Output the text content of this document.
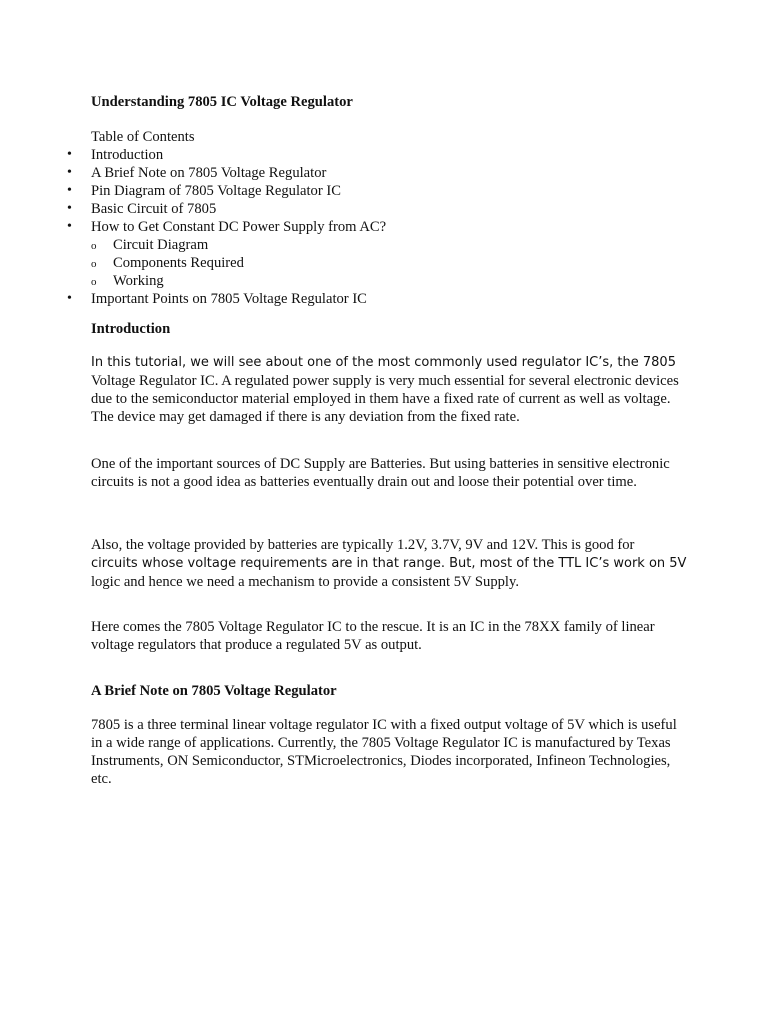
Understanding 7805 IC Voltage Regulator
Table of Contents
• Introduction
• A Brief Note on 7805 Voltage Regulator
• Pin Diagram of 7805 Voltage Regulator IC
• Basic Circuit of 7805
• How to Get Constant DC Power Supply from AC?
o Circuit Diagram
o Components Required
o Working
• Important Points on 7805 Voltage Regulator IC
Introduction

In this tutorial, we will see about one of the most commonly used regulator IC’s, the 7805 Voltage Regulator IC. A regulated power supply is very much essential for several electronic devices due to the semiconductor material employed in them have a fixed rate of current as well as voltage. The device may get damaged if there is any deviation from the fixed rate.

One of the important sources of DC Supply are Batteries. But using batteries in sensitive electronic circuits is not a good idea as batteries eventually drain out and loose their potential over time.

Also, the voltage provided by batteries are typically 1.2V, 3.7V, 9V and 12V. This is good for
circuits whose voltage requirements are in that range. But, most of the TTL IC’s work on 5V
logic and hence we need a mechanism to provide a consistent 5V Supply.

Here comes the 7805 Voltage Regulator IC to the rescue. It is an IC in the 78XX family of linear voltage regulators that produce a regulated 5V as output.

A Brief Note on 7805 Voltage Regulator

7805 is a three terminal linear voltage regulator IC with a fixed output voltage of 5V which is useful in a wide range of applications. Currently, the 7805 Voltage Regulator IC is manufactured by Texas Instruments, ON Semiconductor, STMicroelectronics, Diodes incorporated, Infineon Technologies, etc.
